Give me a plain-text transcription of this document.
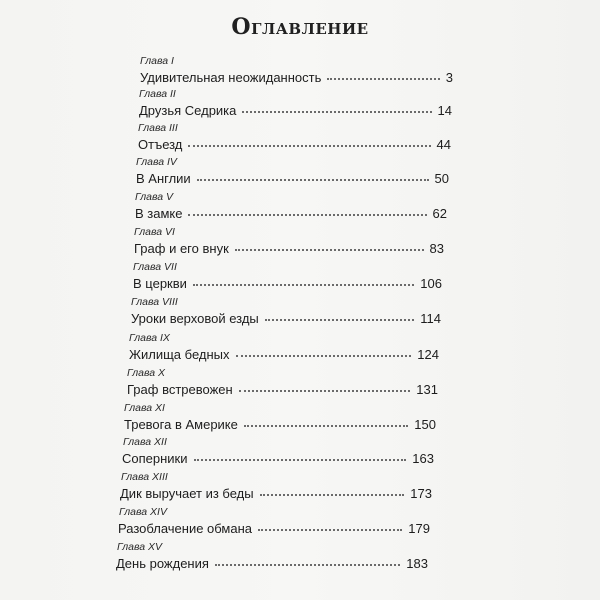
Оглавление
Глава I
Удивительная неожиданность	3
Глава II
Друзья Седрика	14
Глава III
Отъезд	44
Глава IV
В Англии	50
Глава V
В замке	62
Глава VI
Граф и его внук	83
Глава VII
В церкви	106
Глава VIII
Уроки верховой езды	114
Глава IX
Жилища бедных	124
Глава X
Граф встревожен	131
Глава XI
Тревога в Америке	150
Глава XII
Соперники	163
Глава XIII
Дик выручает из беды	173
Глава XIV
Разоблачение обмана	179
Глава XV
День рождения	183
